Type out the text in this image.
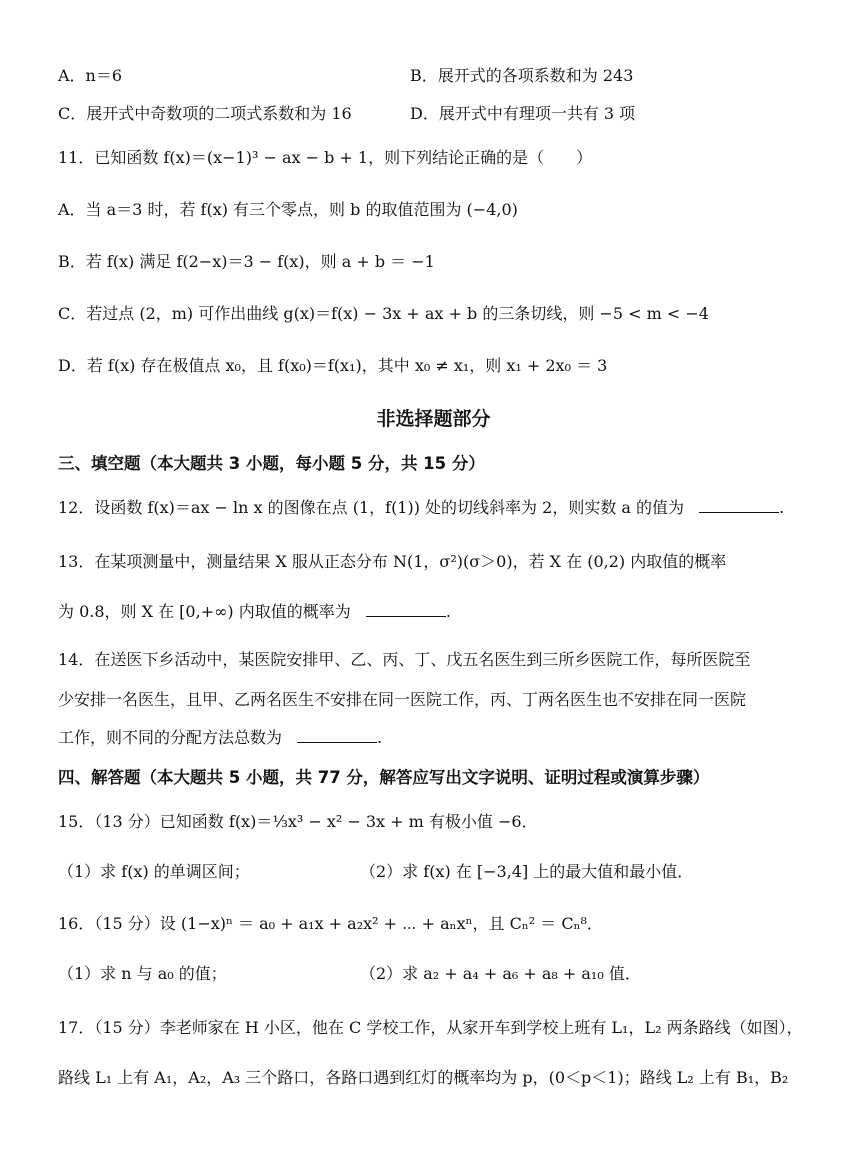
A．n＝6	B．展开式的各项系数和为 243
C．展开式中奇数项的二项式系数和为 16	D．展开式中有理项一共有 3 项
11．已知函数 f(x)＝(x−1)³ − ax − b + 1，则下列结论正确的是（　　）
A．当 a＝3 时，若 f(x) 有三个零点，则 b 的取值范围为 (−4,0)
B．若 f(x) 满足 f(2−x)＝3 − f(x)，则 a + b ＝ −1
C．若过点 (2，m) 可作出曲线 g(x)＝f(x) − 3x + ax + b 的三条切线，则 −5 < m < −4
D．若 f(x) 存在极值点 x₀，且 f(x₀)＝f(x₁)，其中 x₀ ≠ x₁，则 x₁ + 2x₀ ＝ 3
非选择题部分
三、填空题（本大题共 3 小题，每小题 5 分，共 15 分）
12．设函数 f(x)＝ax − ln x 的图像在点 (1，f(1)) 处的切线斜率为 2，则实数 a 的值为	.
13．在某项测量中，测量结果 X 服从正态分布 N(1，σ²)(σ＞0)，若 X 在 (0,2) 内取值的概率
为 0.8，则 X 在 [0,+∞) 内取值的概率为	.
14．在送医下乡活动中，某医院安排甲、乙、丙、丁、戊五名医生到三所乡医院工作，每所医院至
少安排一名医生，且甲、乙两名医生不安排在同一医院工作，丙、丁两名医生也不安排在同一医院
工作，则不同的分配方法总数为	.
四、解答题（本大题共 5 小题，共 77 分，解答应写出文字说明、证明过程或演算步骤）
15．（13 分）已知函数 f(x)＝⅓x³ − x² − 3x + m 有极小值 −6．
（1）求 f(x) 的单调区间；	（2）求 f(x) 在 [−3,4] 上的最大值和最小值．
16．（15 分）设 (1−x)ⁿ ＝ a₀ + a₁x + a₂x² + ⋯ + aₙxⁿ，且 Cₙ² ＝ Cₙ⁸．
（1）求 n 与 a₀ 的值；	（2）求 a₂ + a₄ + a₆ + a₈ + a₁₀ 值．
17．（15 分）李老师家在 H 小区，他在 C 学校工作，从家开车到学校上班有 L₁，L₂ 两条路线（如图），
路线 L₁ 上有 A₁，A₂，A₃ 三个路口，各路口遇到红灯的概率均为 p，(0＜p＜1)；路线 L₂ 上有 B₁，B₂
